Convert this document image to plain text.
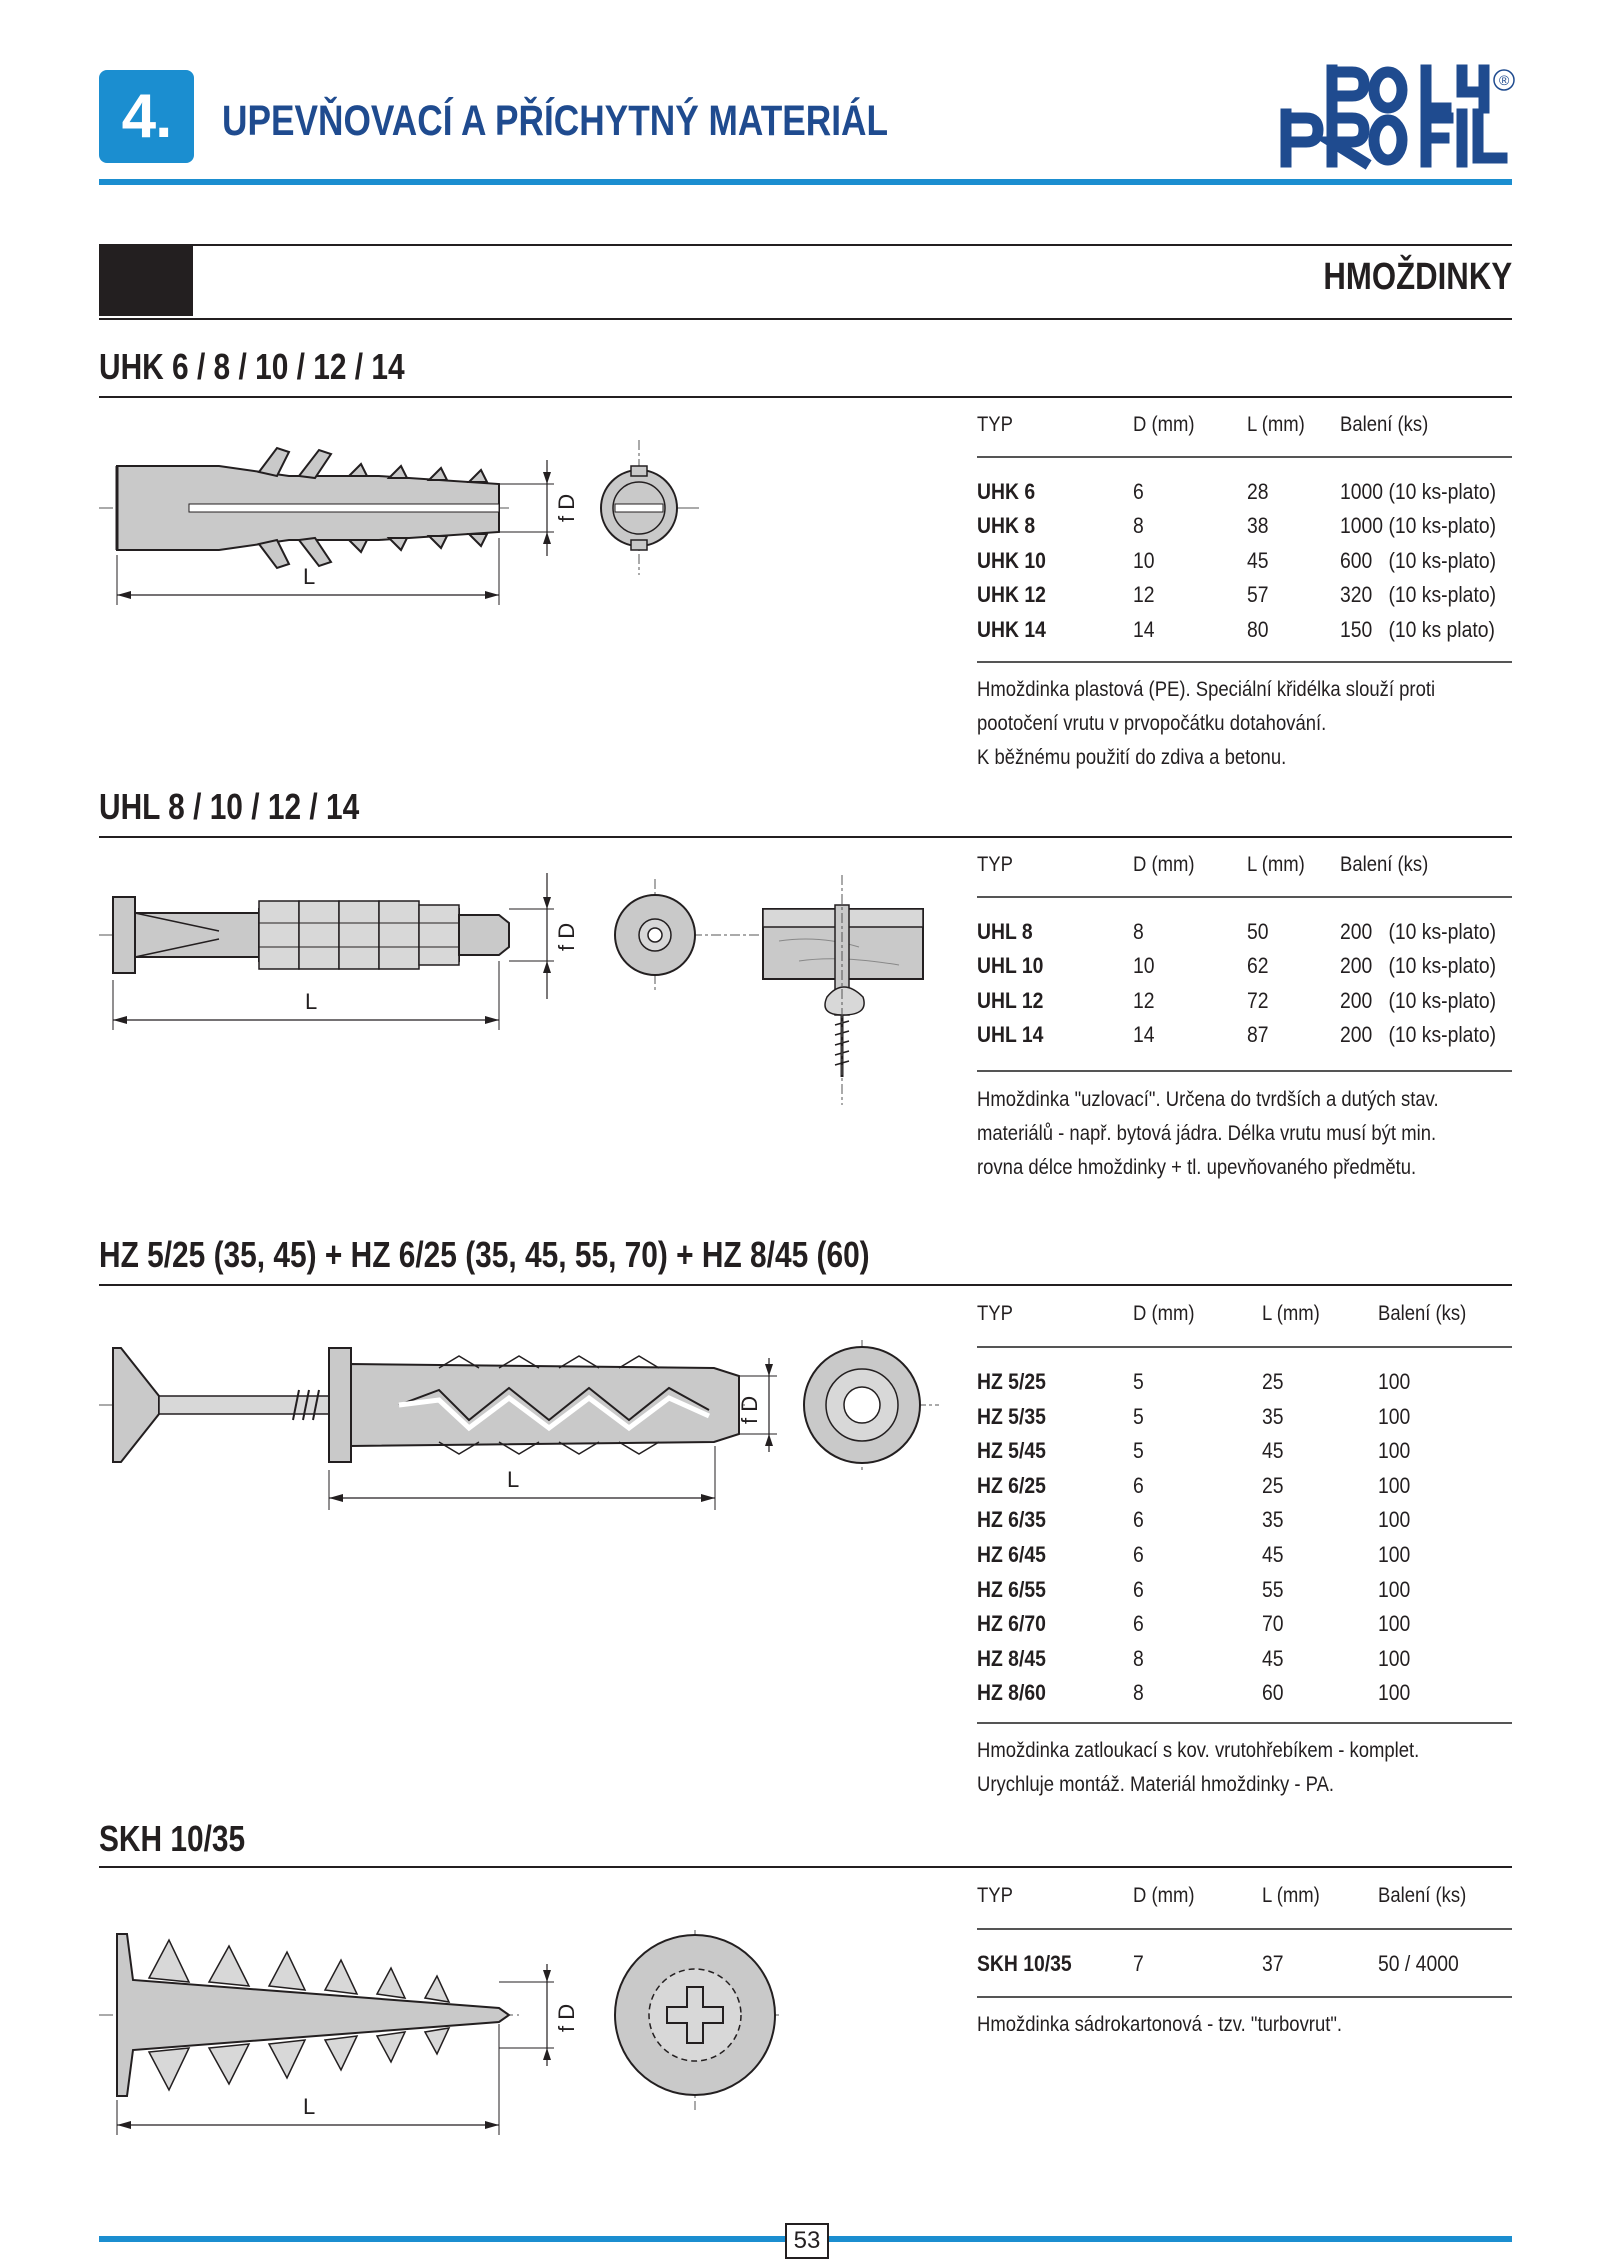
4.	UPEVŇOVACÍ A PŘÍCHYTNÝ MATERIÁL
®
HMOŽDINKY
UHK 6 / 8 / 10 / 12 / 14
L
f D
TYP	D (mm) L (mm) Balení (ks)
UHK 6	6	28	1000 (10 ks-plato)
UHK 8	8	38	1000 (10 ks-plato)
UHK 10	10	45	600   (10 ks-plato)
UHK 12	12	57	320   (10 ks-plato)
UHK 14	14	80	150   (10 ks plato)
Hmoždinka plastová (PE). Speciální křidélka slouží proti
pootočení vrutu v prvopočátku dotahování.
K běžnému použití do zdiva a betonu.
UHL 8 / 10 / 12 / 14
L
f D
TYP	D (mm) L (mm) Balení (ks)
UHL 8	8	50	200   (10 ks-plato)
UHL 10	10	62	200   (10 ks-plato)
UHL 12	12	72	200   (10 ks-plato)
UHL 14	14	87	200   (10 ks-plato)
Hmoždinka "uzlovací". Určena do tvrdších a dutých stav.
materiálů - např. bytová jádra. Délka vrutu musí být min.
rovna délce hmoždinky + tl. upevňovaného předmětu.
HZ 5/25 (35, 45) + HZ 6/25 (35, 45, 55, 70) + HZ 8/45 (60)
L
f D
TYP	D (mm)	L (mm)	Balení (ks)
HZ 5/25	5	25	100
HZ 5/35	5	35	100
HZ 5/45	5	45	100
HZ 6/25	6	25	100
HZ 6/35	6	35	100
HZ 6/45	6	45	100
HZ 6/55	6	55	100
HZ 6/70	6	70	100
HZ 8/45	8	45	100
HZ 8/60	8	60	100
Hmoždinka zatloukací s kov. vrutohřebíkem - komplet.
Urychluje montáž. Materiál hmoždinky - PA.
SKH 10/35
L
f D
TYP	D (mm)	L (mm)	Balení (ks)
SKH 10/35	7	37	50 / 4000
Hmoždinka sádrokartonová - tzv. "turbovrut".
53
